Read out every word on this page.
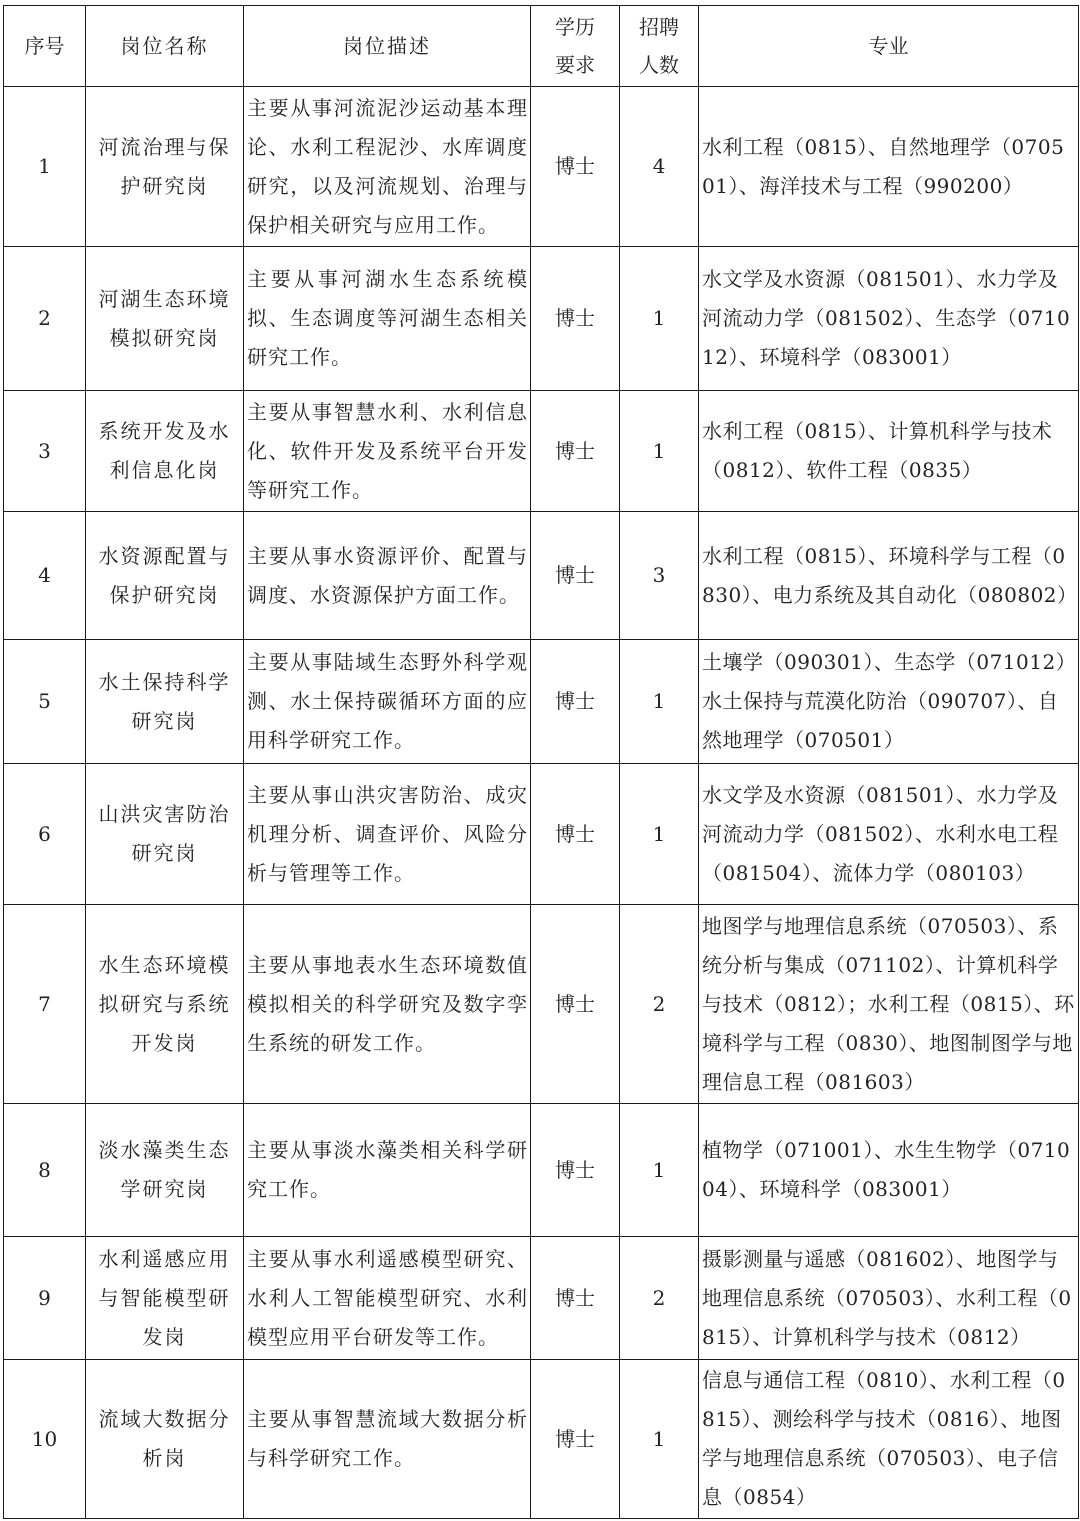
序号	岗位名称	岗位描述	学历要求	招聘人数	专业
1	河流治理与保护研究岗	主要从事河流泥沙运动基本理论、水利工程泥沙、水库调度研究，以及河流规划、治理与保护相关研究与应用工作。	博士	4	水利工程（0815）、自然地理学（070501）、海洋技术与工程（990200）
2	河湖生态环境模拟研究岗	主要从事河湖水生态系统模拟、生态调度等河湖生态相关研究工作。	博士	1	水文学及水资源（081501）、水力学及河流动力学（081502）、生态学（071012）、环境科学（083001）
3	系统开发及水利信息化岗	主要从事智慧水利、水利信息化、软件开发及系统平台开发等研究工作。	博士	1	水利工程（0815）、计算机科学与技术（0812）、软件工程（0835）
4	水资源配置与保护研究岗	主要从事水资源评价、配置与调度、水资源保护方面工作。	博士	3	水利工程（0815）、环境科学与工程（0830）、电力系统及其自动化（080802）
5	水土保持科学研究岗	主要从事陆域生态野外科学观测、水土保持碳循环方面的应用科学研究工作。	博士	1	土壤学（090301）、生态学（071012）水土保持与荒漠化防治（090707）、自然地理学（070501）
6	山洪灾害防治研究岗	主要从事山洪灾害防治、成灾机理分析、调查评价、风险分析与管理等工作。	博士	1	水文学及水资源（081501）、水力学及河流动力学（081502）、水利水电工程（081504）、流体力学（080103）
7	水生态环境模拟研究与系统开发岗	主要从事地表水生态环境数值模拟相关的科学研究及数字孪生系统的研发工作。	博士	2	地图学与地理信息系统（070503）、系统分析与集成（071102）、计算机科学与技术（0812）；水利工程（0815）、环境科学与工程（0830）、地图制图学与地理信息工程（081603）
8	淡水藻类生态学研究岗	主要从事淡水藻类相关科学研究工作。	博士	1	植物学（071001）、水生生物学（071004）、环境科学（083001）
9	水利遥感应用与智能模型研发岗	主要从事水利遥感模型研究、水利人工智能模型研究、水利模型应用平台研发等工作。	博士	2	摄影测量与遥感（081602）、地图学与地理信息系统（070503）、水利工程（0815）、计算机科学与技术（0812）
10	流域大数据分析岗	主要从事智慧流域大数据分析与科学研究工作。	博士	1	信息与通信工程（0810）、水利工程（0815）、测绘科学与技术（0816）、地图学与地理信息系统（070503）、电子信息（0854）
